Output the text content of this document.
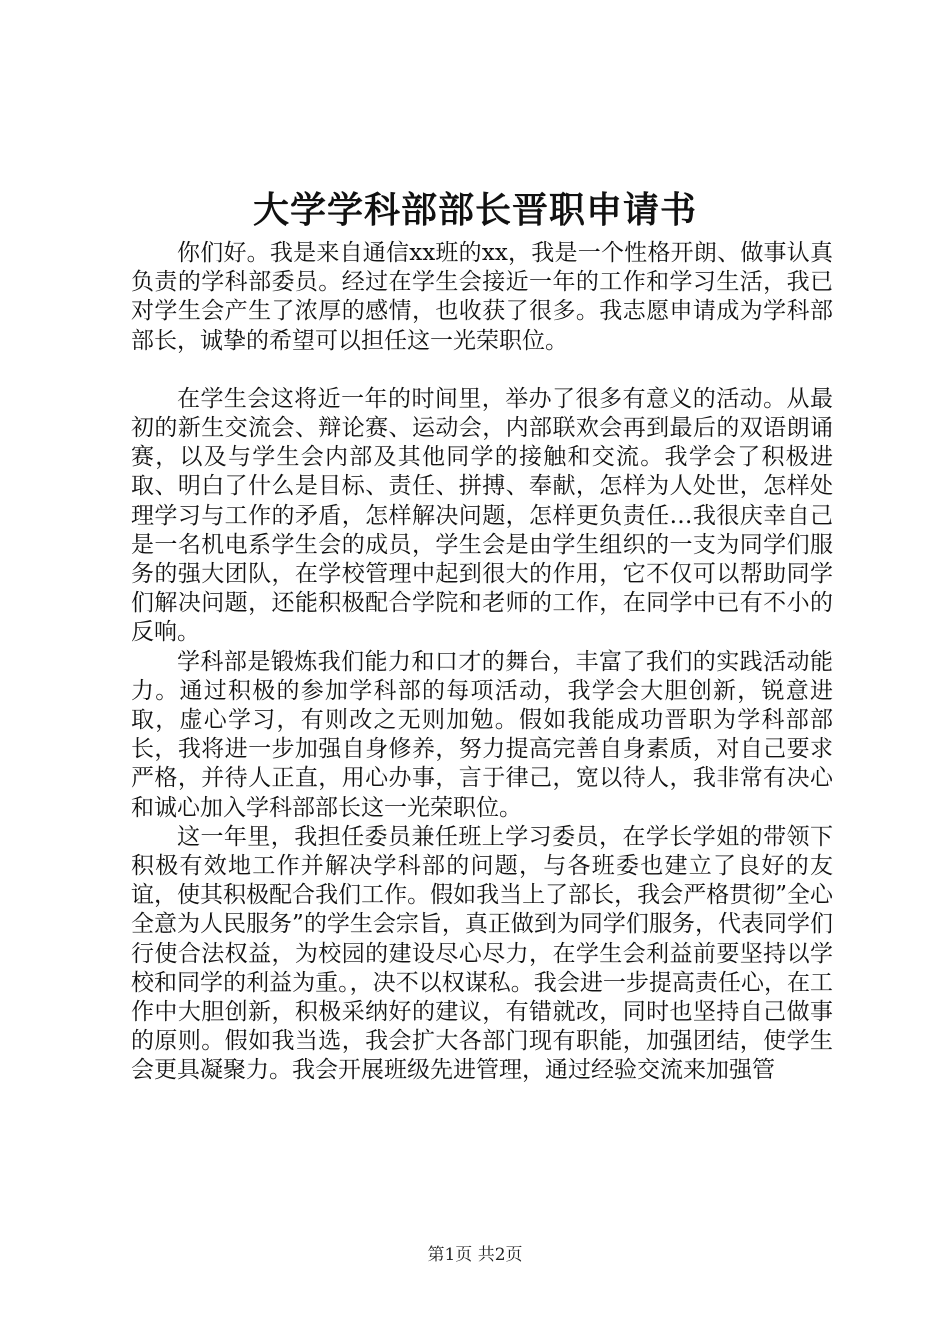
大学学科部部长晋职申请书

你们好。我是来自通信xx班的xx，我是一个性格开朗、做事认真负责的学科部委员。经过在学生会接近一年的工作和学习生活，我已对学生会产生了浓厚的感情，也收获了很多。我志愿申请成为学科部部长，诚挚的希望可以担任这一光荣职位。

在学生会这将近一年的时间里，举办了很多有意义的活动。从最初的新生交流会、辩论赛、运动会，内部联欢会再到最后的双语朗诵赛，以及与学生会内部及其他同学的接触和交流。我学会了积极进取、明白了什么是目标、责任、拼搏、奉献，怎样为人处世，怎样处理学习与工作的矛盾，怎样解决问题，怎样更负责任…我很庆幸自己是一名机电系学生会的成员，学生会是由学生组织的一支为同学们服务的强大团队，在学校管理中起到很大的作用，它不仅可以帮助同学们解决问题，还能积极配合学院和老师的工作，在同学中已有不小的反响。

学科部是锻炼我们能力和口才的舞台，丰富了我们的实践活动能力。通过积极的参加学科部的每项活动，我学会大胆创新，锐意进取，虚心学习，有则改之无则加勉。假如我能成功晋职为学科部部长，我将进一步加强自身修养，努力提高完善自身素质，对自己要求严格，并待人正直，用心办事，言于律己，宽以待人，我非常有决心和诚心加入学科部部长这一光荣职位。

这一年里，我担任委员兼任班上学习委员，在学长学姐的带领下积极有效地工作并解决学科部的问题，与各班委也建立了良好的友谊，使其积极配合我们工作。假如我当上了部长，我会严格贯彻”全心全意为人民服务”的学生会宗旨，真正做到为同学们服务，代表同学们行使合法权益，为校园的建设尽心尽力，在学生会利益前要坚持以学校和同学的利益为重。，决不以权谋私。我会进一步提高责任心，在工作中大胆创新，积极采纳好的建议，有错就改，同时也坚持自己做事的原则。假如我当选，我会扩大各部门现有职能，加强团结，使学生会更具凝聚力。我会开展班级先进管理，通过经验交流来加强管

第1页 共2页
